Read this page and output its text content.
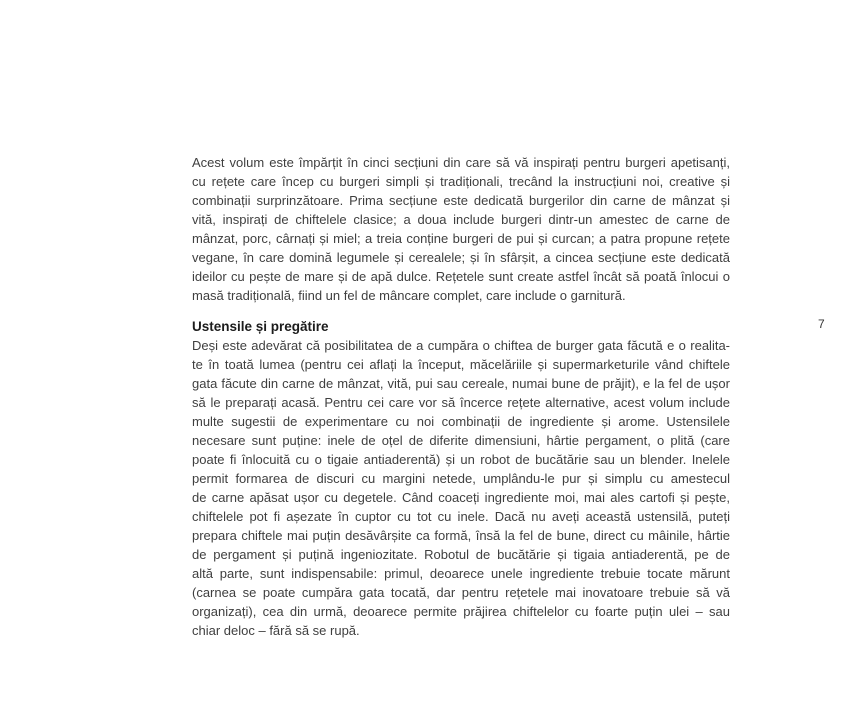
Acest volum este împărțit în cinci secțiuni din care să vă inspirați pentru burgeri apetisanți,
cu rețete care încep cu burgeri simpli și tradiționali, trecând la instrucțiuni noi, creative și
combinații surprinzătoare. Prima secțiune este dedicată burgerilor din carne de mânzat și
vită, inspirați de chiftelele clasice; a doua include burgeri dintr-un amestec de carne de
mânzat, porc, cârnați și miel; a treia conține burgeri de pui și curcan; a patra propune rețete
vegane, în care domină legumele și cerealele; și în sfârșit, a cincea secțiune este dedicată
ideilor cu pește de mare și de apă dulce. Rețetele sunt create astfel încât să poată înlocui o
masă tradițională, fiind un fel de mâncare complet, care include o garnitură.
Ustensile și pregătire
Deși este adevărat că posibilitatea de a cumpăra o chiftea de burger gata făcută e o realita-
te în toată lumea (pentru cei aflați la început, măcelăriile și supermarketurile vând chiftele
gata făcute din carne de mânzat, vită, pui sau cereale, numai bune de prăjit), e la fel de ușor
să le preparați acasă. Pentru cei care vor să încerce rețete alternative, acest volum include
multe sugestii de experimentare cu noi combinații de ingrediente și arome. Ustensilele
necesare sunt puține: inele de oțel de diferite dimensiuni, hârtie pergament, o plită (care
poate fi înlocuită cu o tigaie antiaderentă) și un robot de bucătărie sau un blender. Inelele
permit formarea de discuri cu margini netede, umplându-le pur și simplu cu amestecul
de carne apăsat ușor cu degetele. Când coaceți ingrediente moi, mai ales cartofi și pește,
chiftelele pot fi așezate în cuptor cu tot cu inele. Dacă nu aveți această ustensilă, puteți
prepara chiftele mai puțin desăvârșite ca formă, însă la fel de bune, direct cu mâinile, hârtie
de pergament și puțină ingeniozitate. Robotul de bucătărie și tigaia antiaderentă, pe de
altă parte, sunt indispensabile: primul, deoarece unele ingrediente trebuie tocate mărunt
(carnea se poate cumpăra gata tocată, dar pentru rețetele mai inovatoare trebuie să vă
organizați), cea din urmă, deoarece permite prăjirea chiftelelor cu foarte puțin ulei – sau
chiar deloc – fără să se rupă.
7
